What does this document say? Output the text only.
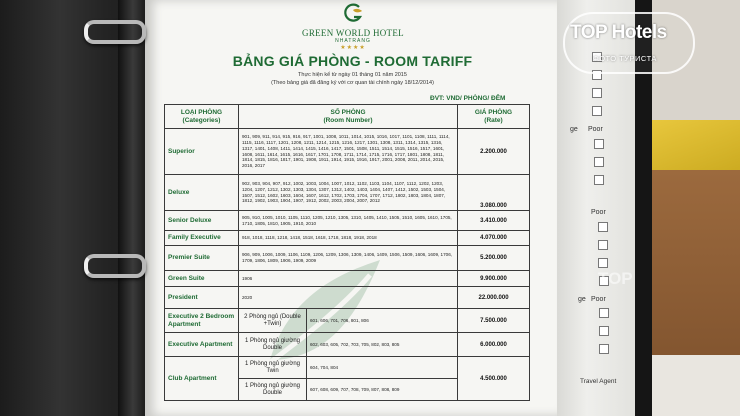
ge Poor
Poor
ge Poor
Travel Agent
GREEN WORLD HOTEL
NHATRANG
★★★★
BẢNG GIÁ PHÒNG - ROOM TARIFF
Thực hiện kể từ ngày 01 tháng 01 năm 2015
(Theo bảng giá đã đăng ký với cơ quan tài chính ngày 18/12/2014)
ĐVT: VND/ PHÒNG/ ĐÊM
LOẠI PHÒNG
(Categories)	SỐ PHÒNG
(Room Number)		GIÁ PHÒNG
(Rate)
Superior	901, 909, 911, 914, 915, 916, 917, 1001, 1008, 1011, 1014, 1015, 1016, 1017, 1101, 1108, 1111, 1114, 1115, 1116, 1117, 1201, 1208, 1211, 1214, 1215, 1216, 1217, 1301, 1308, 1311, 1314, 1315, 1316, 1317, 1401, 1408, 1411, 1414, 1415, 1416, 1417, 1501, 1508, 1511, 1514, 1515, 1516, 1517, 1601, 1608, 1611, 1614, 1615, 1616, 1617, 1701, 1708, 1711, 1714, 1715, 1716, 1717, 1801, 1808, 1811, 1814, 1815, 1816, 1817, 1901, 1908, 1911, 1914, 1915, 1916, 1917, 2001, 2008, 2011, 2014, 2015, 2016, 2017		2.200.000
Deluxe	902, 903, 904, 907, 912, 1002, 1003, 1004, 1007, 1012, 1102, 1103, 1104, 1107, 1112, 1202, 1203, 1204, 1207, 1212, 1302, 1303, 1304, 1307, 1312, 1402, 1403, 1404, 1407, 1412, 1502, 1503, 1504, 1507, 1512, 1602, 1603, 1604, 1607, 1612, 1702, 1703, 1704, 1707, 1712, 1802, 1803, 1804, 1807, 1812, 1902, 1903, 1904, 1907, 1912, 2002, 2003, 2004, 2007, 2012		3.080.000
Senior Deluxe	905, 910, 1005, 1010, 1105, 1110, 1205, 1210, 1305, 1310, 1405, 1410, 1505, 1510, 1605, 1610, 1705, 1710, 1805, 1810, 1905, 1910, 2010		3.410.000
Family Executive	918, 1018, 1118, 1218, 1418, 1518, 1618, 1718, 1818, 1918, 2018		4.070.000
Premier Suite	906, 909, 1006, 1009, 1106, 1109, 1206, 1209, 1306, 1309, 1406, 1409, 1506, 1509, 1606, 1609, 1706, 1709, 1806, 1809, 1906, 1909, 2009		5.200.000
Green Suite	1906		9.900.000
President	2020		22.000.000
Executive 2 Bedroom Apartment	2 Phòng ngủ (Double +Twin)	601, 606, 701, 706, 801, 806	7.500.000
Executive Apartment	1 Phòng ngủ giường Double	602, 603, 605, 702, 703, 705, 802, 803, 805	6.000.000
Club Apartment	1 Phòng ngủ giường Twin	604, 704, 804	4.500.000
	1 Phòng ngủ giường Double	607, 608, 609, 707, 708, 709, 807, 808, 809	
TOP Hotels
ФОТО ТУРИСТА
TOP
